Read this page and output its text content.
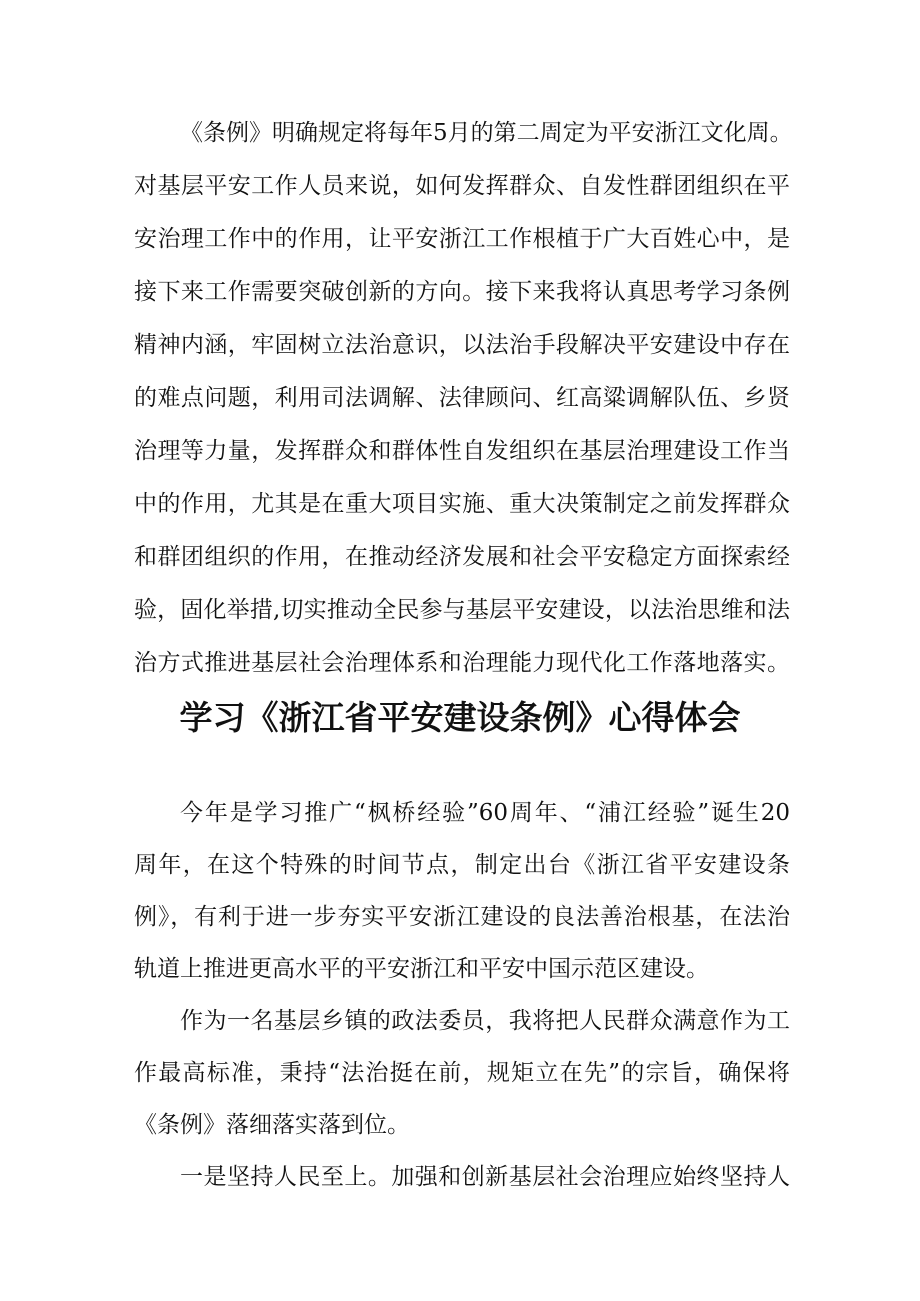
《条例》明确规定将每年5月的第二周定为平安浙江文化周。
对基层平安工作人员来说，如何发挥群众、自发性群团组织在平
安治理工作中的作用，让平安浙江工作根植于广大百姓心中，是
接下来工作需要突破创新的方向。接下来我将认真思考学习条例
精神内涵，牢固树立法治意识，以法治手段解决平安建设中存在
的难点问题，利用司法调解、法律顾问、红高粱调解队伍、乡贤
治理等力量，发挥群众和群体性自发组织在基层治理建设工作当
中的作用，尤其是在重大项目实施、重大决策制定之前发挥群众
和群团组织的作用，在推动经济发展和社会平安稳定方面探索经
验，固化举措,切实推动全民参与基层平安建设，以法治思维和法
治方式推进基层社会治理体系和治理能力现代化工作落地落实。
学习《浙江省平安建设条例》心得体会
今年是学习推广“枫桥经验”60周年、“浦江经验”诞生20
周年，在这个特殊的时间节点，制定出台《浙江省平安建设条
例》，有利于进一步夯实平安浙江建设的良法善治根基，在法治
轨道上推进更高水平的平安浙江和平安中国示范区建设。
作为一名基层乡镇的政法委员，我将把人民群众满意作为工
作最高标准，秉持“法治挺在前，规矩立在先”的宗旨，确保将
《条例》落细落实落到位。
一是坚持人民至上。加强和创新基层社会治理应始终坚持人
